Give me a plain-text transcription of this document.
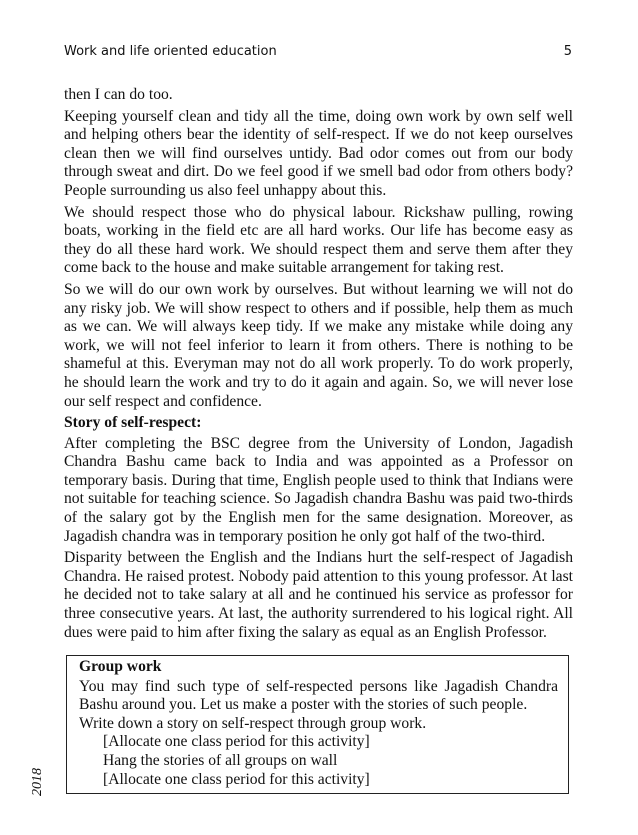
Work and life oriented education	5

then I can do too.

Keeping yourself clean and tidy all the time, doing own work by own self well and helping others bear the identity of self-respect. If we do not keep ourselves clean then we will find ourselves untidy. Bad odor comes out from our body through sweat and dirt. Do we feel good if we smell bad odor from others body? People surrounding us also feel unhappy about this.

We should respect those who do physical labour. Rickshaw pulling, rowing boats, working in the field etc are all hard works. Our life has become easy as they do all these hard work. We should respect them and serve them after they come back to the house and make suitable arrangement for taking rest.

So we will do our own work by ourselves. But without learning we will not do any risky job. We will show respect to others and if possible, help them as much as we can. We will always keep tidy. If we make any mistake while doing any work, we will not feel inferior to learn it from others. There is nothing to be shameful at this. Everyman may not do all work properly. To do work properly, he should learn the work and try to do it again and again. So, we will never lose our self respect and confidence.

Story of self-respect:

After completing the BSC degree from the University of London, Jagadish Chandra Bashu came back to India and was appointed as a Professor on temporary basis. During that time, English people used to think that Indians were not suitable for teaching science. So Jagadish chandra Bashu was paid two-thirds of the salary got by the English men for the same designation. Moreover, as Jagadish chandra was in temporary position he only got half of the two-third.

Disparity between the English and the Indians hurt the self-respect of Jagadish Chandra. He raised protest. Nobody paid attention to this young professor. At last he decided not to take salary at all and he continued his service as professor for three consecutive years. At last, the authority surrendered to his logical right. All dues were paid to him after fixing the salary as equal as an English Professor.

Group work

You may find such type of self-respected persons like Jagadish Chandra Bashu around you. Let us make a poster with the stories of such people.

Write down a story on self-respect through group work.

[Allocate one class period for this activity]

Hang the stories of all groups on wall

[Allocate one class period for this activity]

2018
